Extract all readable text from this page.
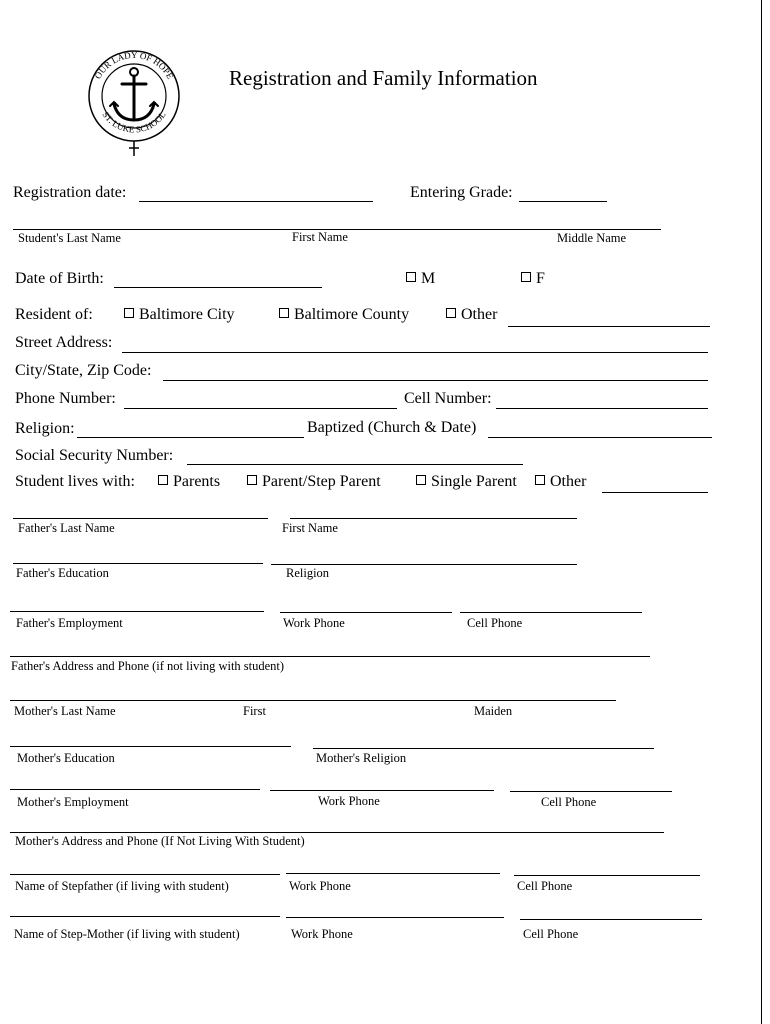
OUR LADY OF HOPE
ST. LUKE SCHOOL
Registration and Family Information
Registration date:	Entering Grade:
Student's Last Name	First Name	Middle Name
Date of Birth:	M	F
Resident of:	Baltimore City	Baltimore County	Other
Street Address:
City/State, Zip Code:
Phone Number:	Cell Number:
Religion:	Baptized (Church & Date)
Social Security Number:
Student lives with:	Parents	Parent/Step Parent	Single Parent	Other
Father's Last Name	First Name
Father's Education	Religion
Father's Employment	Work Phone	Cell Phone
Father's Address and Phone (if not living with student)
Mother's Last Name	First	Maiden
Mother's Education	Mother's Religion
Mother's Employment	Work Phone	Cell Phone
Mother's Address and Phone (If Not Living With Student)
Name of Stepfather (if living with student)	Work Phone	Cell Phone
Name of Step-Mother (if living with student)	Work Phone	Cell Phone
